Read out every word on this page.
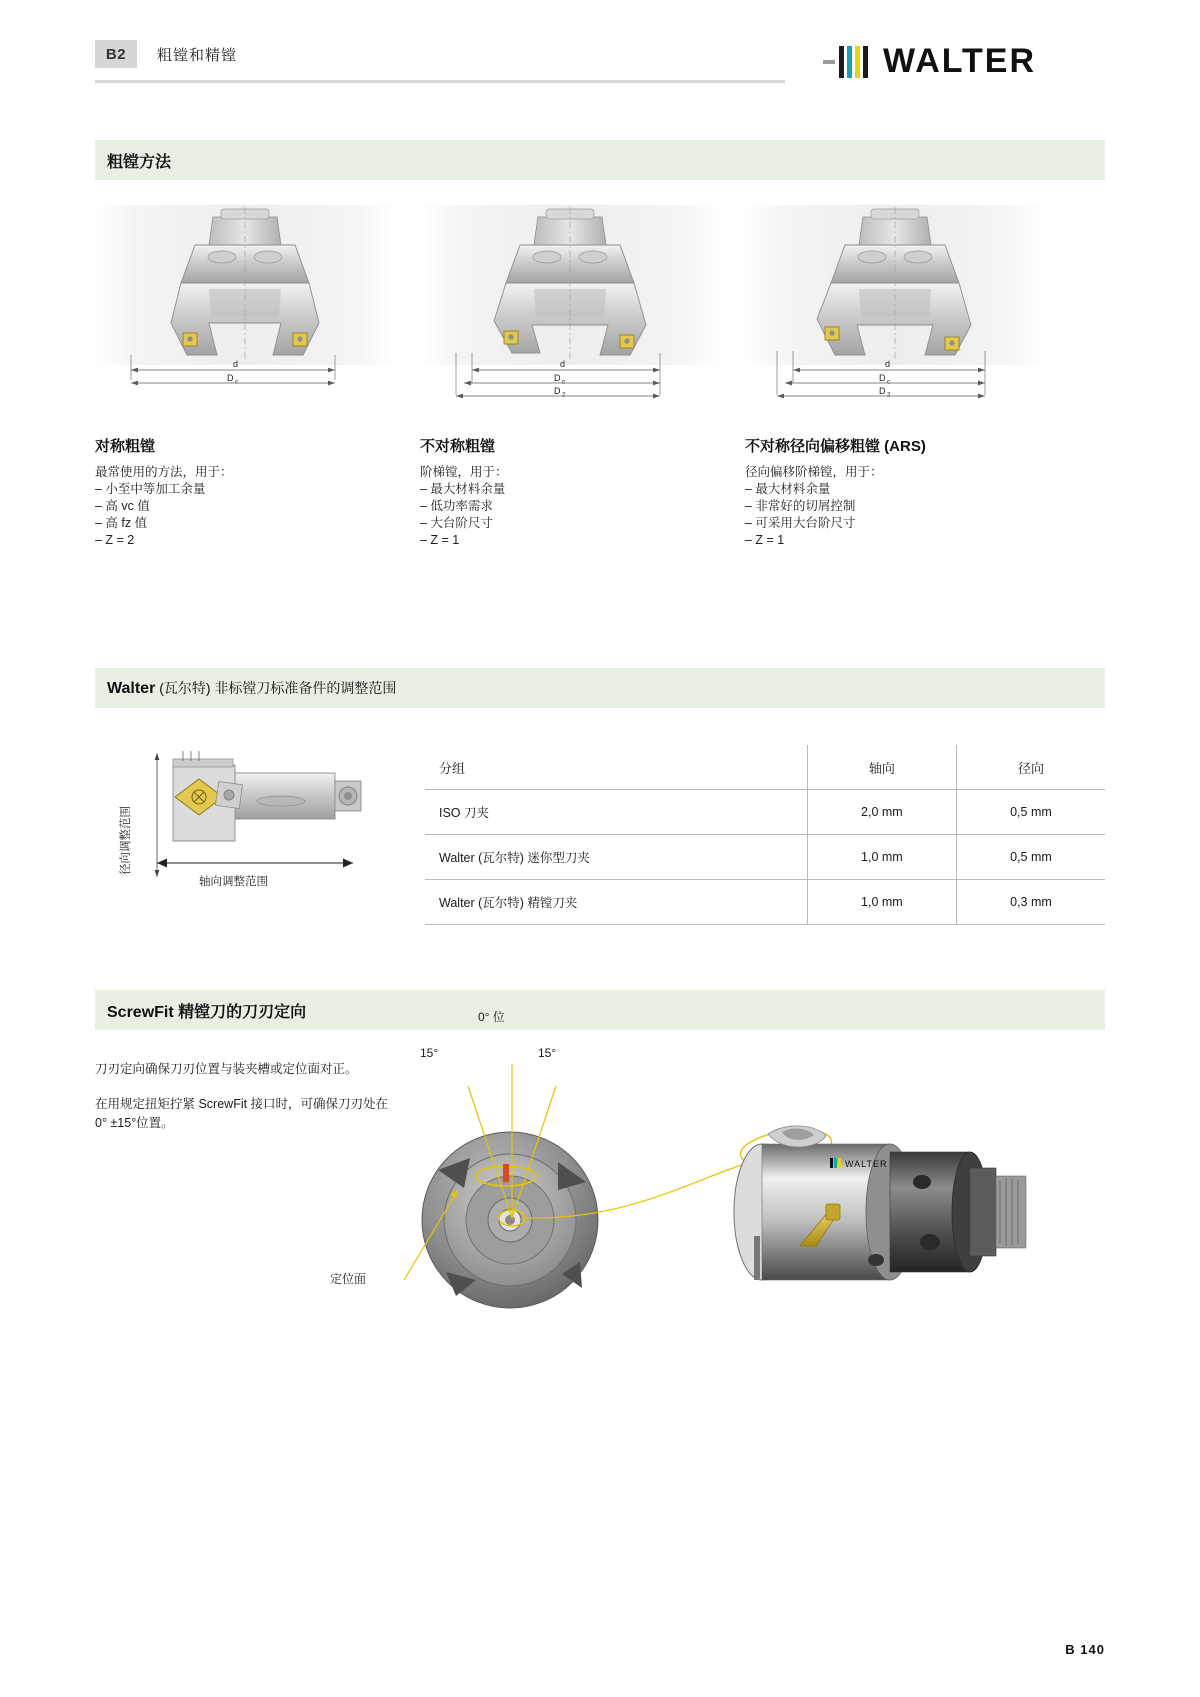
B2	粗镗和精镗	WALTER
粗镗方法
d
D c
对称粗镗
最常使用的方法，用于：
– 小至中等加工余量
– 高 vc 值
– 高 fz 值
– Z = 2
d
D c
D 2
不对称粗镗
阶梯镗，用于：
– 最大材料余量
– 低功率需求
– 大台阶尺寸
– Z = 1
d
D c
D 2
不对称径向偏移粗镗 (ARS)
径向偏移阶梯镗，用于：
– 最大材料余量
– 非常好的切屑控制
– 可采用大台阶尺寸
– Z = 1
Walter (瓦尔特) 非标镗刀标准备件的调整范围
径向调整范围
轴向调整范围
分组	轴向	径向
ISO 刀夹	2,0 mm	0,5 mm
Walter (瓦尔特) 迷你型刀夹	1,0 mm	0,5 mm
Walter (瓦尔特) 精镗刀夹	1,0 mm	0,3 mm
ScrewFit 精镗刀的刀刃定向

刀刃定向确保刀刃位置与装夹槽或定位面对正。

在用规定扭矩拧紧 ScrewFit 接口时，可确保刀刃处在 0° ±15°位置。

WALTER
0° 位
15°	15°
定位面
B 140
